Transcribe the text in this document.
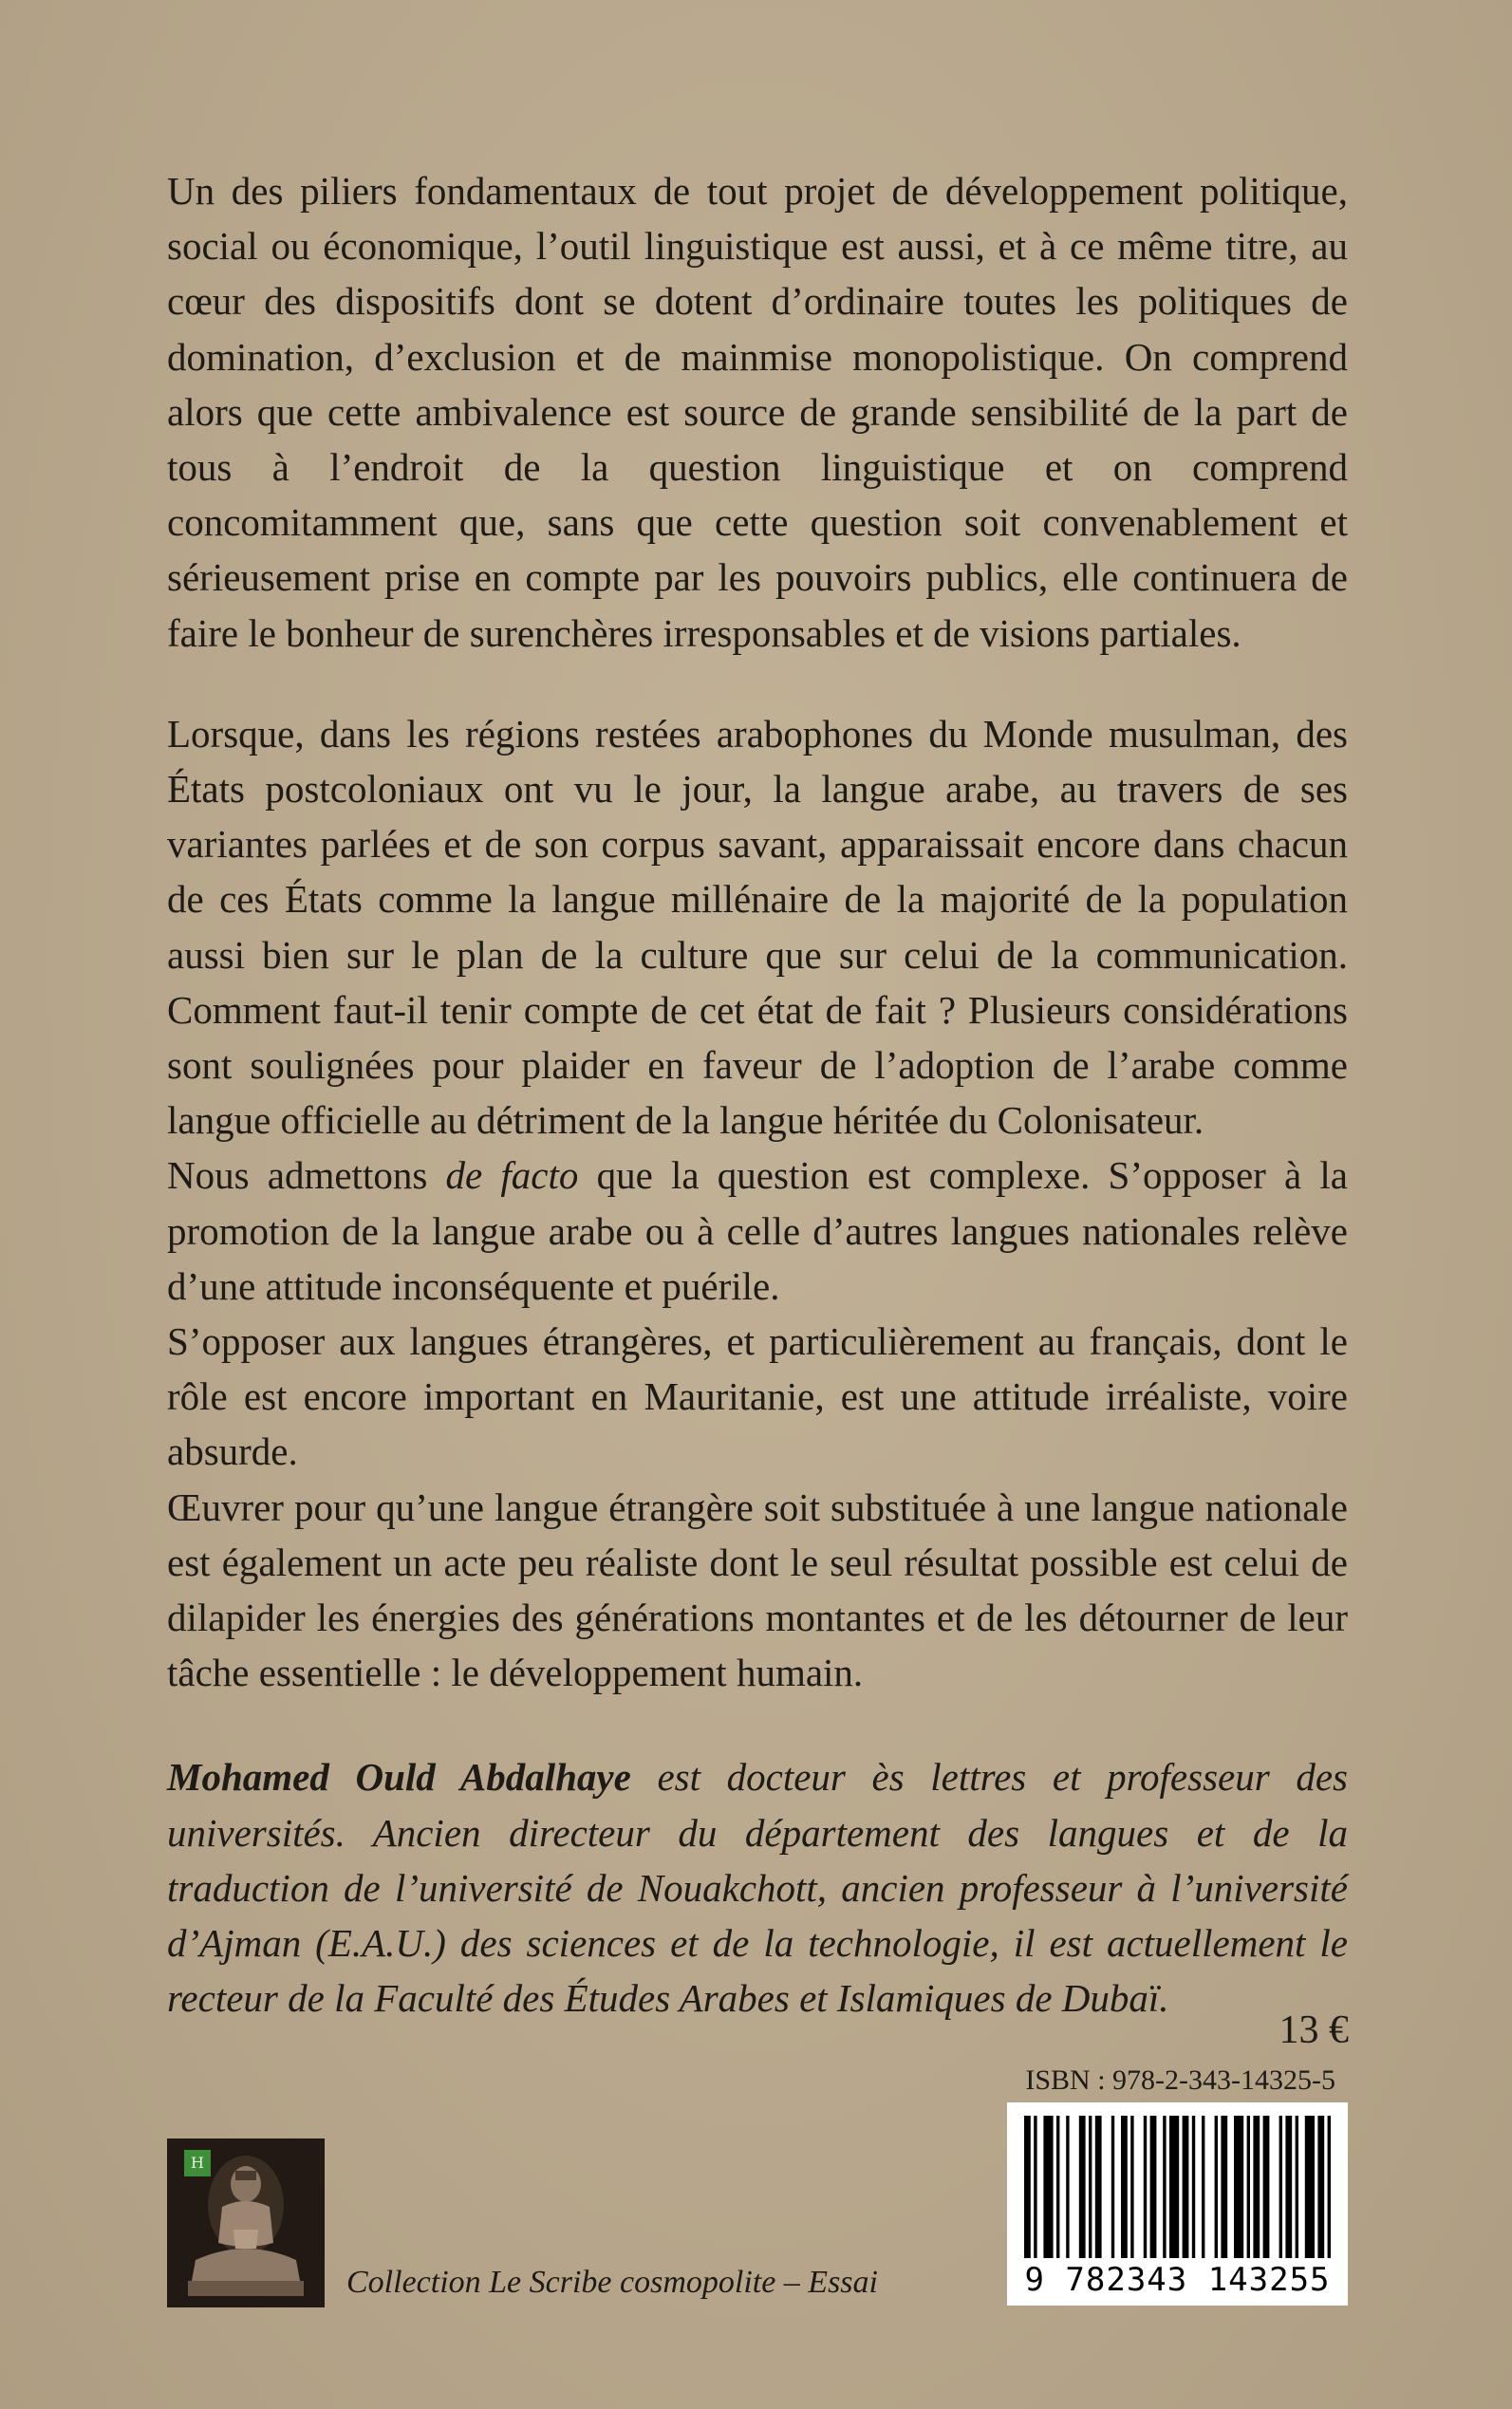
Un des piliers fondamentaux de tout projet de développement politique, social ou économique, l’outil linguistique est aussi, et à ce même titre, au cœur des dispositifs dont se dotent d’ordinaire toutes les politiques de domination, d’exclusion et de mainmise monopolistique. On comprend alors que cette ambivalence est source de grande sensibilité de la part de tous à l’endroit de la question linguistique et on comprend concomitamment que, sans que cette question soit convenablement et sérieusement prise en compte par les pouvoirs publics, elle continuera de faire le bonheur de surenchères irresponsables et de visions partiales.

Lorsque, dans les régions restées arabophones du Monde musulman, des États postcoloniaux ont vu le jour, la langue arabe, au travers de ses variantes parlées et de son corpus savant, apparaissait encore dans chacun de ces États comme la langue millénaire de la majorité de la population aussi bien sur le plan de la culture que sur celui de la communication. Comment faut-il tenir compte de cet état de fait ? Plusieurs considérations sont soulignées pour plaider en faveur de l’adoption de l’arabe comme langue officielle au détriment de la langue héritée du Colonisateur.

Nous admettons de facto que la question est complexe. S’opposer à la promotion de la langue arabe ou à celle d’autres langues nationales relève d’une attitude inconséquente et puérile.

S’opposer aux langues étrangères, et particulièrement au français, dont le rôle est encore important en Mauritanie, est une attitude irréaliste, voire absurde.

Œuvrer pour qu’une langue étrangère soit substituée à une langue nationale est également un acte peu réaliste dont le seul résultat possible est celui de dilapider les énergies des générations montantes et de les détourner de leur tâche essentielle : le développement humain.

Mohamed Ould Abdalhaye est docteur ès lettres et professeur des universités. Ancien directeur du département des langues et de la traduction de l’université de Nouakchott, ancien professeur à l’université d’Ajman (E.A.U.) des sciences et de la technologie, il est actuellement le recteur de la Faculté des Études Arabes et Islamiques de Dubaï.

13 €
ISBN : 978-2-343-14325-5
9 782343 143255
H
Collection Le Scribe cosmopolite – Essai
